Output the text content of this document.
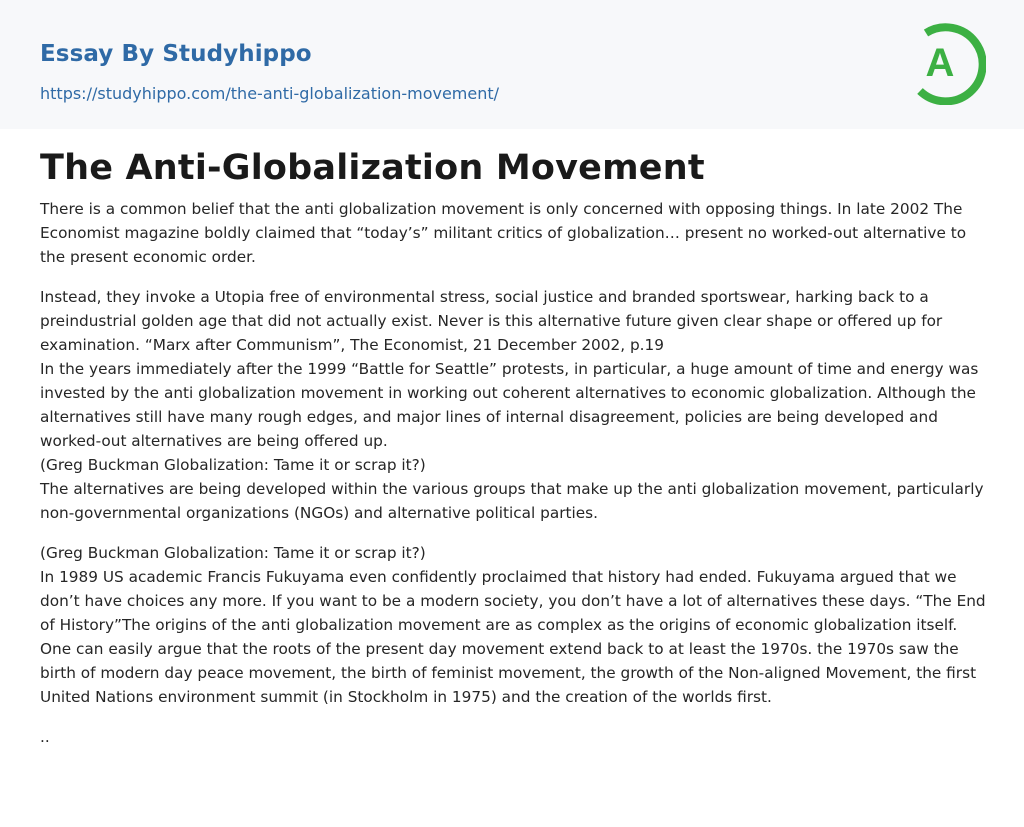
Essay By Studyhippo
https://studyhippo.com/the-anti-globalization-movement/
A
The Anti-Globalization Movement

There is a common belief that the anti globalization movement is only concerned with opposing things. In late 2002 The Economist magazine boldly claimed that “today’s” militant critics of globalization… present no worked-out alternative to the present economic order.

Instead, they invoke a Utopia free of environmental stress, social justice and branded sportswear, harking back to a preindustrial golden age that did not actually exist. Never is this alternative future given clear shape or offered up for examination. “Marx after Communism”, The Economist, 21 December 2002, p.19
In the years immediately after the 1999 “Battle for Seattle” protests, in particular, a huge amount of time and energy was invested by the anti globalization movement in working out coherent alternatives to economic globalization. Although the alternatives still have many rough edges, and major lines of internal disagreement, policies are being developed and worked-out alternatives are being offered up.
(Greg Buckman Globalization: Tame it or scrap it?)
The alternatives are being developed within the various groups that make up the anti globalization movement, particularly non-governmental organizations (NGOs) and alternative political parties.

(Greg Buckman Globalization: Tame it or scrap it?)
In 1989 US academic Francis Fukuyama even confidently proclaimed that history had ended. Fukuyama argued that we don’t have choices any more. If you want to be a modern society, you don’t have a lot of alternatives these days. “The End of History”The origins of the anti globalization movement are as complex as the origins of economic globalization itself. One can easily argue that the roots of the present day movement extend back to at least the 1970s. the 1970s saw the birth of modern day peace movement, the birth of feminist movement, the growth of the Non-aligned Movement, the first United Nations environment summit (in Stockholm in 1975) and the creation of the worlds first.

..
